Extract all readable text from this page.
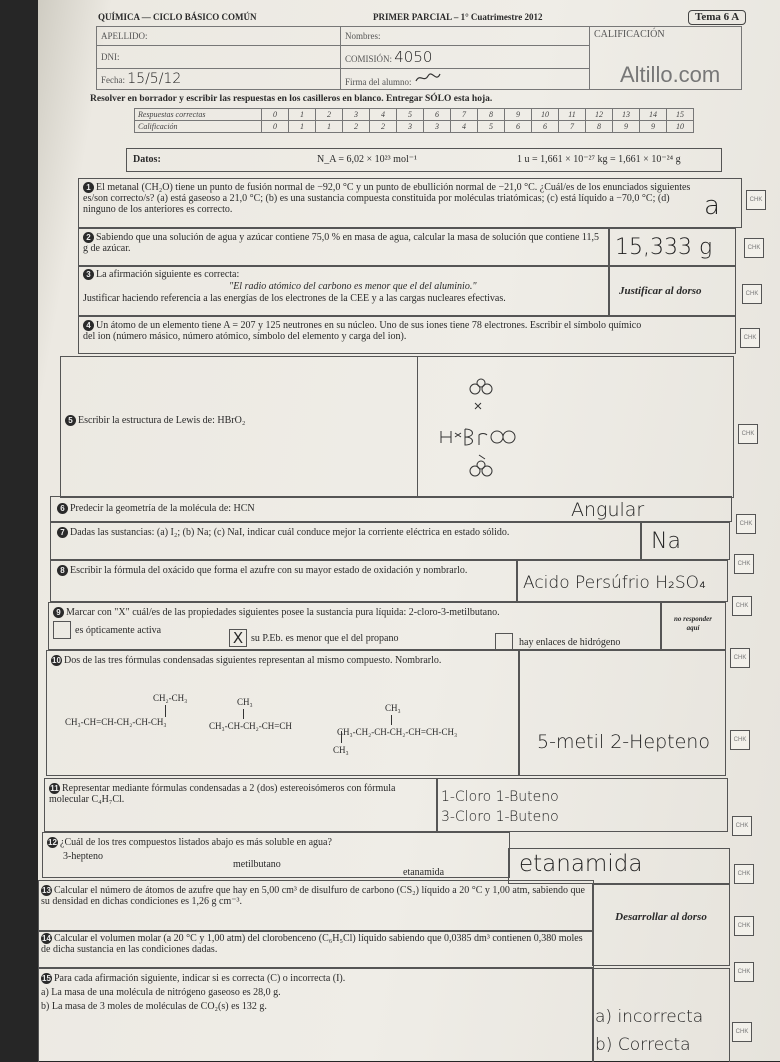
QUÍMICA — CICLO BÁSICO COMÚN	PRIMER PARCIAL – 1° Cuatrimestre 2012	Tema 6 A
APELLIDO:	Nombres:	CALIFICACIÓN
DNI:	COMISIÓN: 4050	
Fecha: 15/5/12	Firma del alumno:		Altillo.com
Resolver en borrador y escribir las respuestas en los casilleros en blanco. Entregar SÓLO esta hoja.
Respuestas correctas	0	1	2	3	4	5	6	7	8	9	10	11	12	13	14	15
Calificación	0	1	1	2	2	3	3	4	5	6	6	7	8	9	9	10
Datos:	N_A = 6,02 × 10²³ mol⁻¹	1 u = 1,661 × 10⁻²⁷ kg = 1,661 × 10⁻²⁴ g
1 El metanal (CH₂O) tiene un punto de fusión normal de −92,0 °C y un punto de ebullición normal de −21,0 °C. ¿Cuál/es de los enunciados siguientes es/son correcto/s? (a) está gaseoso a 21,0 °C; (b) es una sustancia compuesta constituida por moléculas triatómicas; (c) está líquido a −70,0 °C; (d) ninguno de los anteriores es correcto.	a	CHK
2 Sabiendo que una solución de agua y azúcar contiene 75,0 % en masa de agua, calcular la masa de solución que contiene 11,5 g de azúcar.	15,333 g	CHK
3 La afirmación siguiente es correcta:
"El radio atómico del carbono es menor que el del aluminio."
Justificar haciendo referencia a las energías de los electrones de la CEE y a las cargas nucleares efectivas.
Justificar al dorso	CHK
4 Un átomo de un elemento tiene A = 207 y 125 neutrones en su núcleo. Uno de sus iones tiene 78 electrones. Escribir el símbolo químico del ion (número másico, número atómico, símbolo del elemento y carga del ion).	CHK
5 Escribir la estructura de Lewis de: HBrO₂
CHK
6 Predecir la geometría de la molécula de: HCN	Angular
CHK
7 Dadas las sustancias: (a) I₂; (b) Na; (c) NaI, indicar cuál conduce mejor la corriente eléctrica en estado sólido.	Na
CHK
8 Escribir la fórmula del oxácido que forma el azufre con su mayor estado de oxidación y nombrarlo.
Acido Persúfrio H₂SO₄
CHK
9 Marcar con "X" cuál/es de las propiedades siguientes posee la sustancia pura líquida: 2-cloro-3-metilbutano.
es ópticamente activa	X su P.Eb. es menor que el del propano	hay enlaces de hidrógeno
no responder aquí
CHK
10 Dos de las tres fórmulas condensadas siguientes representan al mismo compuesto. Nombrarlo.
CH₂-CH₃
CH₃-CH=CH-CH₂-CH-CH₃
CH₃
CH₃-CH-CH₂-CH=CH
CH₃
CH₃
CH₃-CH₂-CH-CH₂-CH=CH-CH₃	5-metil 2-Hepteno	CHK
11 Representar mediante fórmulas condensadas a 2 (dos) estereoisómeros con fórmula molecular C₄H₇Cl.	1-Cloro 1-Buteno
3-Cloro 1-Buteno
CHK
12 ¿Cuál de los tres compuestos listados abajo es más soluble en agua?
3-hepteno
metilbutano
etanamida	etanamida	CHK
13 Calcular el número de átomos de azufre que hay en 5,00 cm³ de disulfuro de carbono (CS₂) líquido a 20 °C y 1,00 atm, sabiendo que su densidad en dichas condiciones es 1,26 g cm⁻³.
Desarrollar al dorso
CHK
14 Calcular el volumen molar (a 20 °C y 1,00 atm) del clorobenceno (C₆H₅Cl) líquido sabiendo que 0,0385 dm³ contienen 0,380 moles de dicha sustancia en las condiciones dadas.
CHK
15 Para cada afirmación siguiente, indicar si es correcta (C) o incorrecta (I).
a) La masa de una molécula de nitrógeno gaseoso es 28,0 g.
b) La masa de 3 moles de moléculas de CO₂(s) es 132 g.
a) incorrecta
b) Correcta
CHK
